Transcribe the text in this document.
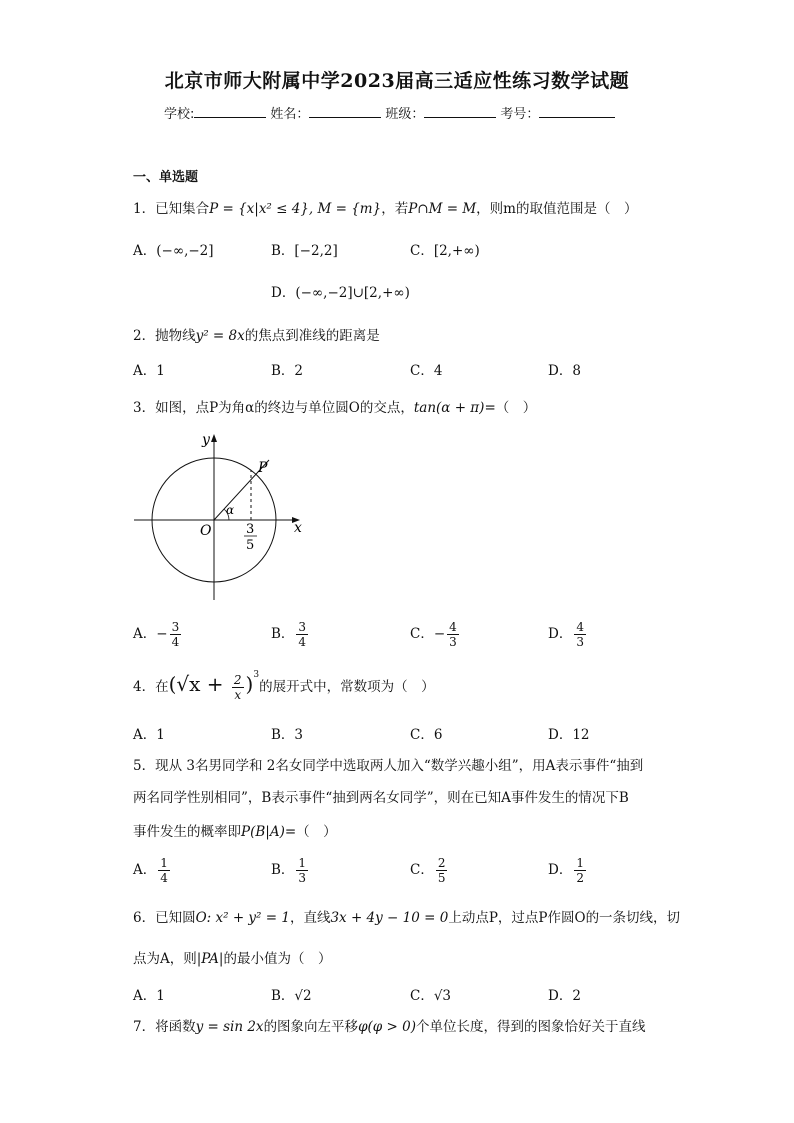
北京市师大附属中学2023届高三适应性练习数学试题
学校:	姓名：	班级：	考号：
一、单选题
1．已知集合P = {x|x² ≤ 4}, M = {m}，若P∩M = M，则m的取值范围是（　）
A．(−∞,−2]	B．[−2,2]	C．[2,+∞)
D．(−∞,−2]∪[2,+∞)
2．抛物线y² = 8x的焦点到准线的距离是
A．1	B．2	C．4	D．8
3．如图，点P为角α的终边与单位圆O的交点，tan(α + π)=（　）
y
x
P
O
α
3
5
A．− $\frac{3}{4}$	B． $\frac{3}{4}$	C．− $\frac{4}{3}$	D． $\frac{4}{3}$
4．在$(√x + \frac{2}{x} )^3$的展开式中，常数项为（　）
A．1	B．3	C．6	D．12
5．现从 3名男同学和 2名女同学中选取两人加入“数学兴趣小组”，用A表示事件“抽到
两名同学性别相同”，B表示事件“抽到两名女同学”，则在已知A事件发生的情况下B
事件发生的概率即P(B|A)=（　）
A． $\frac{1}{4}$	B． $\frac{1}{3}$	C． $\frac{2}{5}$	D． $\frac{1}{2}$
6．已知圆O: x² + y² = 1，直线3x + 4y − 10 = 0上动点P，过点P作圆O的一条切线，切
点为A，则|PA|的最小值为（　）
A．1	B．√2	C．√3	D．2
7．将函数y = sin 2x的图象向左平移φ(φ > 0)个单位长度，得到的图象恰好关于直线
